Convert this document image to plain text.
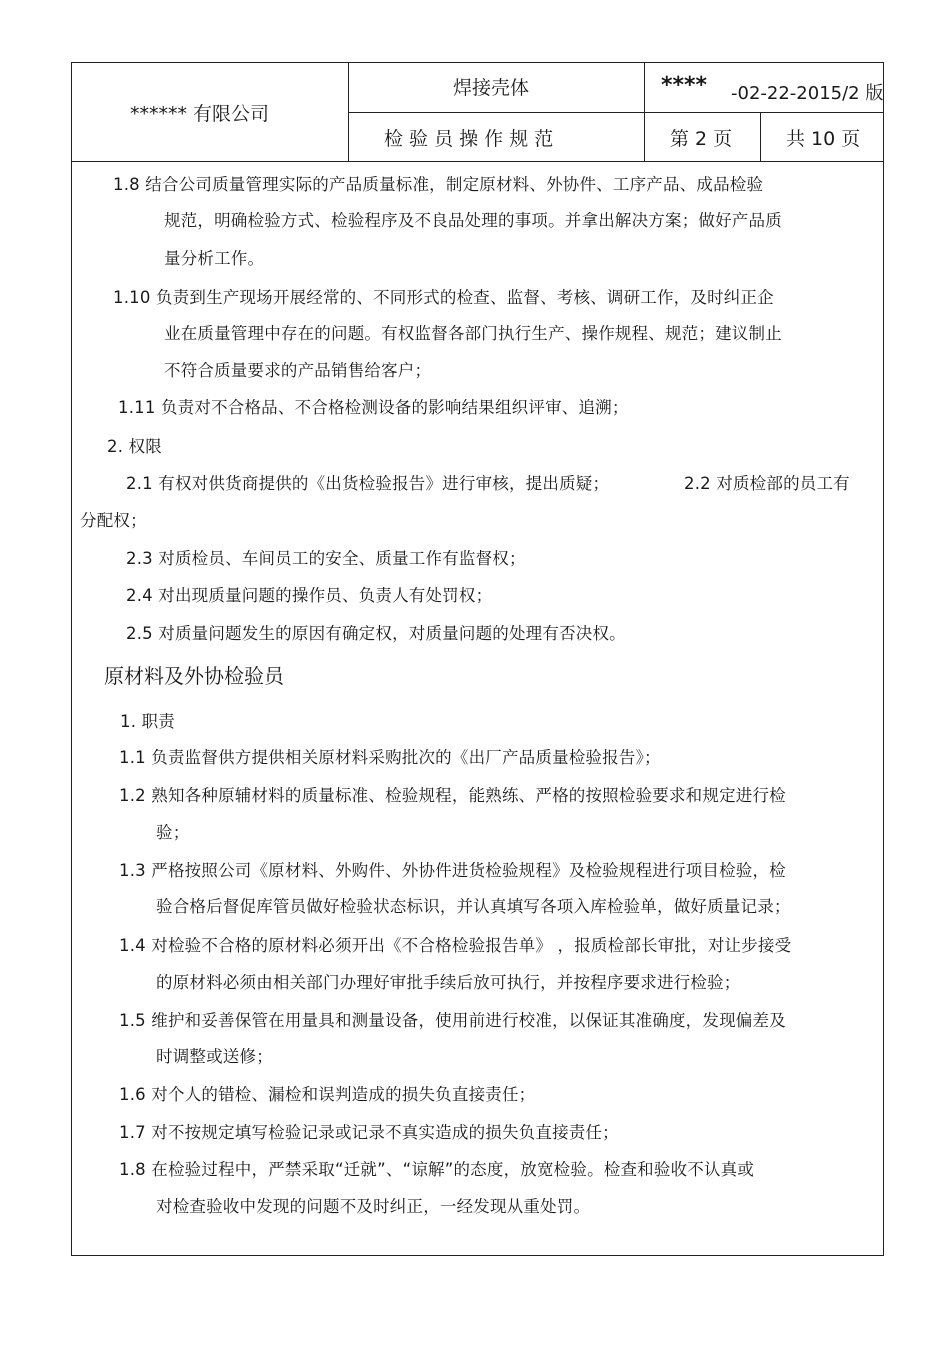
****** 有限公司
焊接壳体	**** -02-22-2015/2 版
检 验 员 操 作 规 范	第 2 页	共 10 页
1.8 结合公司质量管理实际的产品质量标准，制定原材料、外协件、工序产品、成品检验
规范，明确检验方式、检验程序及不良品处理的事项。并拿出解决方案；做好产品质
量分析工作。
1.10 负责到生产现场开展经常的、不同形式的检查、监督、考核、调研工作，及时纠正企
业在质量管理中存在的问题。有权监督各部门执行生产、操作规程、规范；建议制止
不符合质量要求的产品销售给客户；
1.11 负责对不合格品、不合格检测设备的影响结果组织评审、追溯；
2. 权限
2.1 有权对供货商提供的《出货检验报告》进行审核，提出质疑；	2.2 对质检部的员工有
分配权；
2.3 对质检员、车间员工的安全、质量工作有监督权；
2.4 对出现质量问题的操作员、负责人有处罚权；
2.5 对质量问题发生的原因有确定权，对质量问题的处理有否决权。
原材料及外协检验员
1. 职责
1.1 负责监督供方提供相关原材料采购批次的《出厂产品质量检验报告》；
1.2 熟知各种原辅材料的质量标准、检验规程，能熟练、严格的按照检验要求和规定进行检
验；
1.3 严格按照公司《原材料、外购件、外协件进货检验规程》及检验规程进行项目检验，检
验合格后督促库管员做好检验状态标识，并认真填写各项入库检验单，做好质量记录；
1.4 对检验不合格的原材料必须开出《不合格检验报告单》 ，报质检部长审批，对让步接受
的原材料必须由相关部门办理好审批手续后放可执行，并按程序要求进行检验；
1.5 维护和妥善保管在用量具和测量设备，使用前进行校准，以保证其准确度，发现偏差及
时调整或送修；
1.6 对个人的错检、漏检和误判造成的损失负直接责任；
1.7 对不按规定填写检验记录或记录不真实造成的损失负直接责任；
1.8 在检验过程中，严禁采取“迁就”、“谅解”的态度，放宽检验。检查和验收不认真或
对检查验收中发现的问题不及时纠正，一经发现从重处罚。
